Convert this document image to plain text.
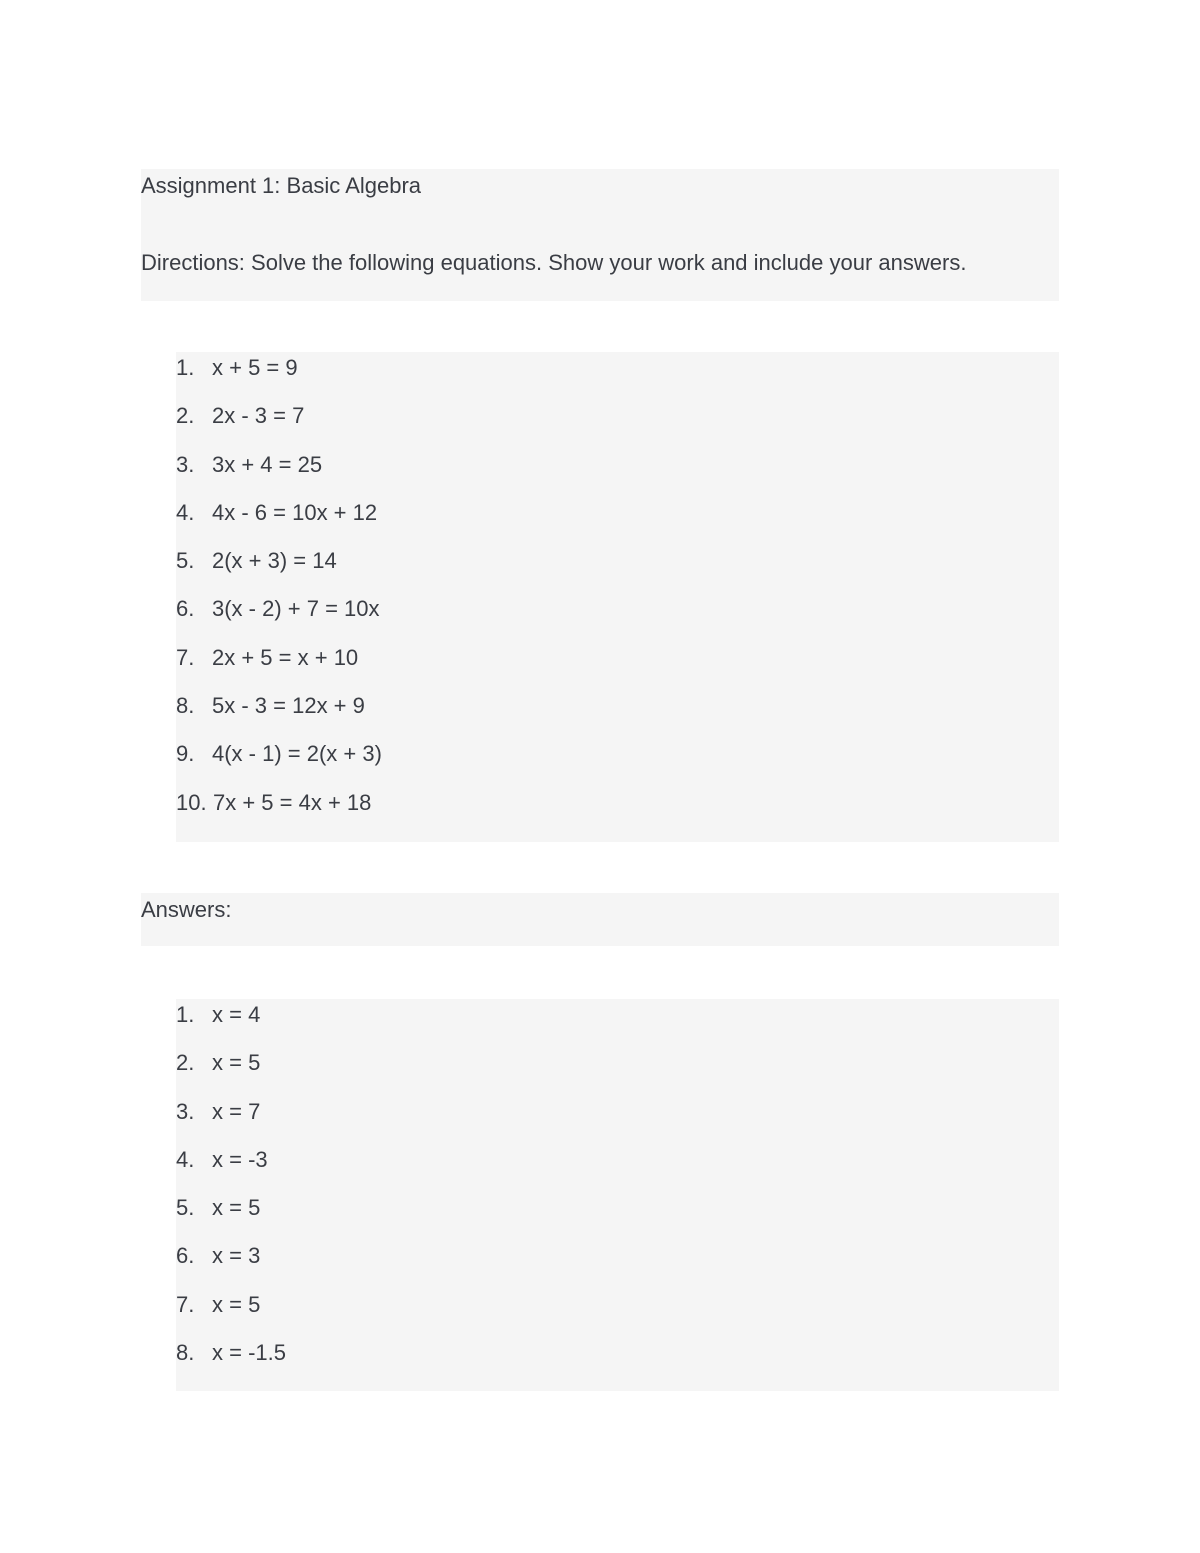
Assignment 1: Basic Algebra
Directions: Solve the following equations. Show your work and include your answers.
1. x + 5 = 9
2. 2x - 3 = 7
3. 3x + 4 = 25
4. 4x - 6 = 10x + 12
5. 2(x + 3) = 14
6. 3(x - 2) + 7 = 10x
7. 2x + 5 = x + 10
8. 5x - 3 = 12x + 9
9. 4(x - 1) = 2(x + 3)
10. 7x + 5 = 4x + 18
Answers:
1. x = 4
2. x = 5
3. x = 7
4. x = -3
5. x = 5
6. x = 3
7. x = 5
8. x = -1.5
